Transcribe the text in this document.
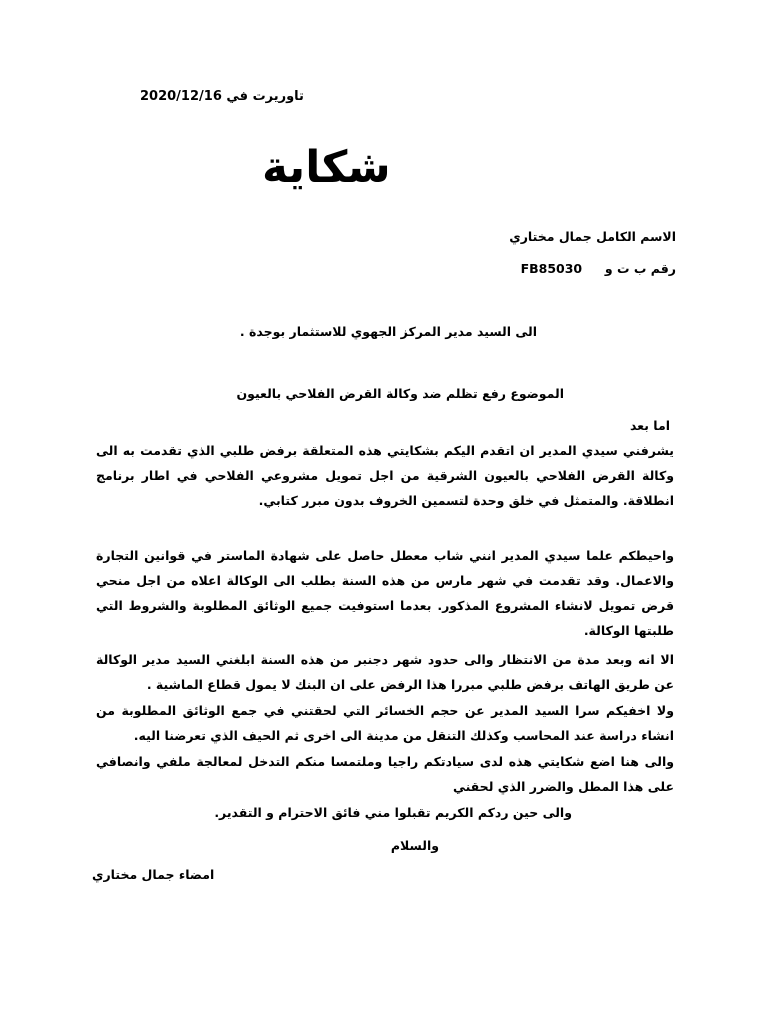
تاوريرت في 2020/12/16
شكاية
الاسم الكامل جمال مختاري
رقم ب ت و  FB85030
الى السيد مدير المركز الجهوي للاستثمار بوجدة .
الموضوع رفع تظلم ضد وكالة القرض الفلاحي بالعيون
اما بعد

يشرفني سيدي المدير ان اتقدم اليكم بشكايتي هذه المتعلقة برفض طلبي الذي تقدمت به الى وكالة القرض الفلاحي بالعيون الشرقية من اجل تمويل مشروعي الفلاحي في اطار برنامج انطلاقة. والمتمثل في خلق وحدة لتسمين الخروف بدون مبرر كتابي.

واحيطكم علما سيدي المدير انني شاب معطل حاصل على شهادة الماستر في قوانين التجارة والاعمال. وقد تقدمت في شهر مارس من هذه السنة بطلب الى الوكالة اعلاه من اجل منحي قرض تمويل لانشاء المشروع المذكور. بعدما استوفيت جميع الوثائق المطلوبة والشروط التي طلبتها الوكالة.

الا انه وبعد مدة من الانتظار والى حدود شهر دجنبر من هذه السنة ابلغني السيد مدير الوكالة عن طريق الهاتف برفض طلبي مبررا هذا الرفض على ان البنك لا يمول قطاع الماشية .

ولا اخفيكم سرا السيد المدير عن حجم الخسائر التي لحقتني في جمع الوثائق المطلوبة من انشاء دراسة عند المحاسب وكذلك التنقل من مدينة الى اخرى ثم الحيف الذي تعرضنا اليه.

والى هنا اضع شكايتي هذه لدى سيادتكم راجيا وملتمسا منكم التدخل لمعالجة ملفي وانصافي على هذا المطل والضرر الذي لحقني

والى حين ردكم الكريم تقبلوا مني فائق الاحترام و التقدير.
والسلام
امضاء جمال مختاري
